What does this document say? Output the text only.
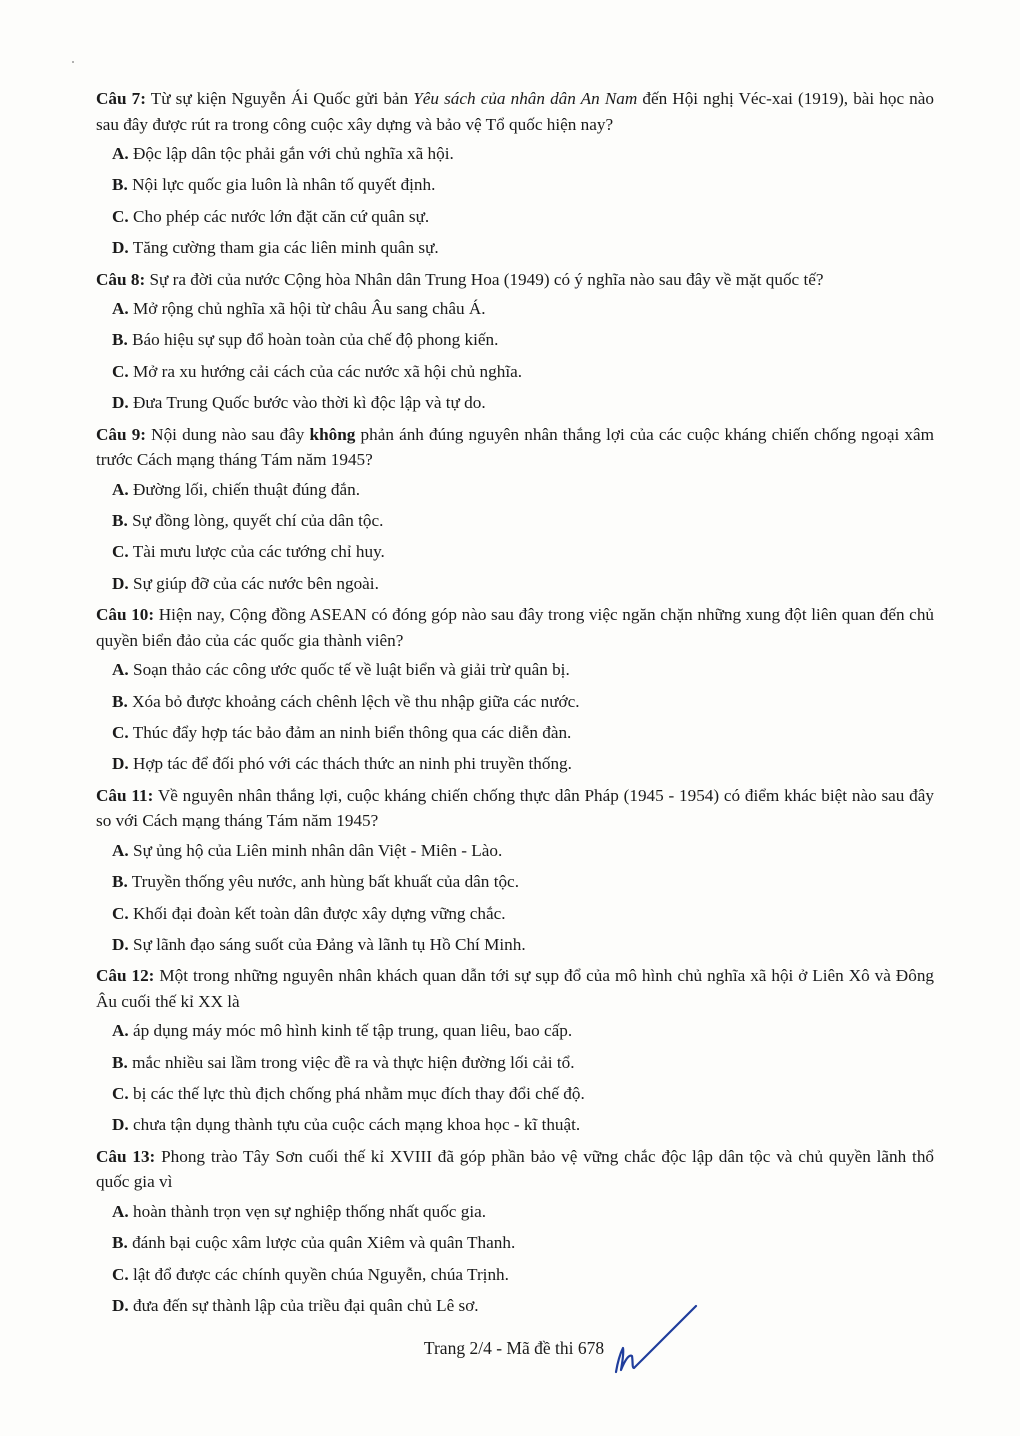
Câu 7: Từ sự kiện Nguyễn Ái Quốc gửi bản Yêu sách của nhân dân An Nam đến Hội nghị Véc-xai (1919), bài học nào sau đây được rút ra trong công cuộc xây dựng và bảo vệ Tổ quốc hiện nay?

A. Độc lập dân tộc phải gắn với chủ nghĩa xã hội.

B. Nội lực quốc gia luôn là nhân tố quyết định.

C. Cho phép các nước lớn đặt căn cứ quân sự.

D. Tăng cường tham gia các liên minh quân sự.

Câu 8: Sự ra đời của nước Cộng hòa Nhân dân Trung Hoa (1949) có ý nghĩa nào sau đây về mặt quốc tế?

A. Mở rộng chủ nghĩa xã hội từ châu Âu sang châu Á.

B. Báo hiệu sự sụp đổ hoàn toàn của chế độ phong kiến.

C. Mở ra xu hướng cải cách của các nước xã hội chủ nghĩa.

D. Đưa Trung Quốc bước vào thời kì độc lập và tự do.

Câu 9: Nội dung nào sau đây không phản ánh đúng nguyên nhân thắng lợi của các cuộc kháng chiến chống ngoại xâm trước Cách mạng tháng Tám năm 1945?

A. Đường lối, chiến thuật đúng đắn.

B. Sự đồng lòng, quyết chí của dân tộc.

C. Tài mưu lược của các tướng chỉ huy.

D. Sự giúp đỡ của các nước bên ngoài.

Câu 10: Hiện nay, Cộng đồng ASEAN có đóng góp nào sau đây trong việc ngăn chặn những xung đột liên quan đến chủ quyền biển đảo của các quốc gia thành viên?

A. Soạn thảo các công ước quốc tế về luật biển và giải trừ quân bị.

B. Xóa bỏ được khoảng cách chênh lệch về thu nhập giữa các nước.

C. Thúc đẩy hợp tác bảo đảm an ninh biển thông qua các diễn đàn.

D. Hợp tác để đối phó với các thách thức an ninh phi truyền thống.

Câu 11: Về nguyên nhân thắng lợi, cuộc kháng chiến chống thực dân Pháp (1945 - 1954) có điểm khác biệt nào sau đây so với Cách mạng tháng Tám năm 1945?

A. Sự ủng hộ của Liên minh nhân dân Việt - Miên - Lào.

B. Truyền thống yêu nước, anh hùng bất khuất của dân tộc.

C. Khối đại đoàn kết toàn dân được xây dựng vững chắc.

D. Sự lãnh đạo sáng suốt của Đảng và lãnh tụ Hồ Chí Minh.

Câu 12: Một trong những nguyên nhân khách quan dẫn tới sự sụp đổ của mô hình chủ nghĩa xã hội ở Liên Xô và Đông Âu cuối thế kỉ XX là

A. áp dụng máy móc mô hình kinh tế tập trung, quan liêu, bao cấp.

B. mắc nhiều sai lầm trong việc đề ra và thực hiện đường lối cải tổ.

C. bị các thế lực thù địch chống phá nhằm mục đích thay đổi chế độ.

D. chưa tận dụng thành tựu của cuộc cách mạng khoa học - kĩ thuật.

Câu 13: Phong trào Tây Sơn cuối thế kỉ XVIII đã góp phần bảo vệ vững chắc độc lập dân tộc và chủ quyền lãnh thổ quốc gia vì

A. hoàn thành trọn vẹn sự nghiệp thống nhất quốc gia.

B. đánh bại cuộc xâm lược của quân Xiêm và quân Thanh.

C. lật đổ được các chính quyền chúa Nguyễn, chúa Trịnh.

D. đưa đến sự thành lập của triều đại quân chủ Lê sơ.

Trang 2/4 - Mã đề thi 678
